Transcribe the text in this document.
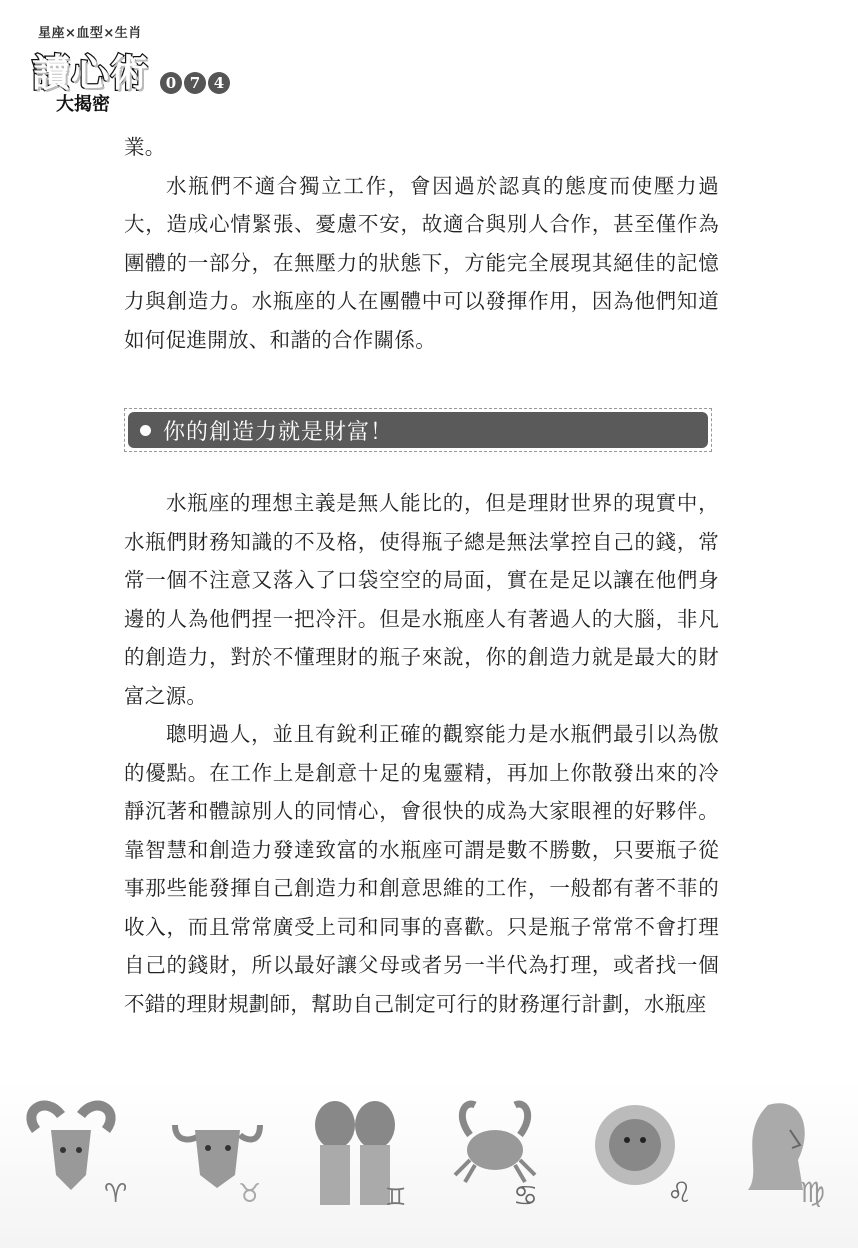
星座×血型×生肖
讀心術
大揭密
0 7 4

業。

水瓶們不適合獨立工作，會因過於認真的態度而使壓力過大，造成心情緊張、憂慮不安，故適合與別人合作，甚至僅作為團體的一部分，在無壓力的狀態下，方能完全展現其絕佳的記憶力與創造力。水瓶座的人在團體中可以發揮作用，因為他們知道如何促進開放、和諧的合作關係。

你的創造力就是財富！

水瓶座的理想主義是無人能比的，但是理財世界的現實中，水瓶們財務知識的不及格，使得瓶子總是無法掌控自己的錢，常常一個不注意又落入了口袋空空的局面，實在是足以讓在他們身邊的人為他們捏一把冷汗。但是水瓶座人有著過人的大腦，非凡的創造力，對於不懂理財的瓶子來說，你的創造力就是最大的財富之源。

聰明過人，並且有銳利正確的觀察能力是水瓶們最引以為傲的優點。在工作上是創意十足的鬼靈精，再加上你散發出來的冷靜沉著和體諒別人的同情心，會很快的成為大家眼裡的好夥伴。靠智慧和創造力發達致富的水瓶座可謂是數不勝數，只要瓶子從事那些能發揮自己創造力和創意思維的工作，一般都有著不菲的收入，而且常常廣受上司和同事的喜歡。只是瓶子常常不會打理自己的錢財，所以最好讓父母或者另一半代為打理，或者找一個不錯的理財規劃師，幫助自己制定可行的財務運行計劃，水瓶座

♈	♉	♊	♋	♌	♍
